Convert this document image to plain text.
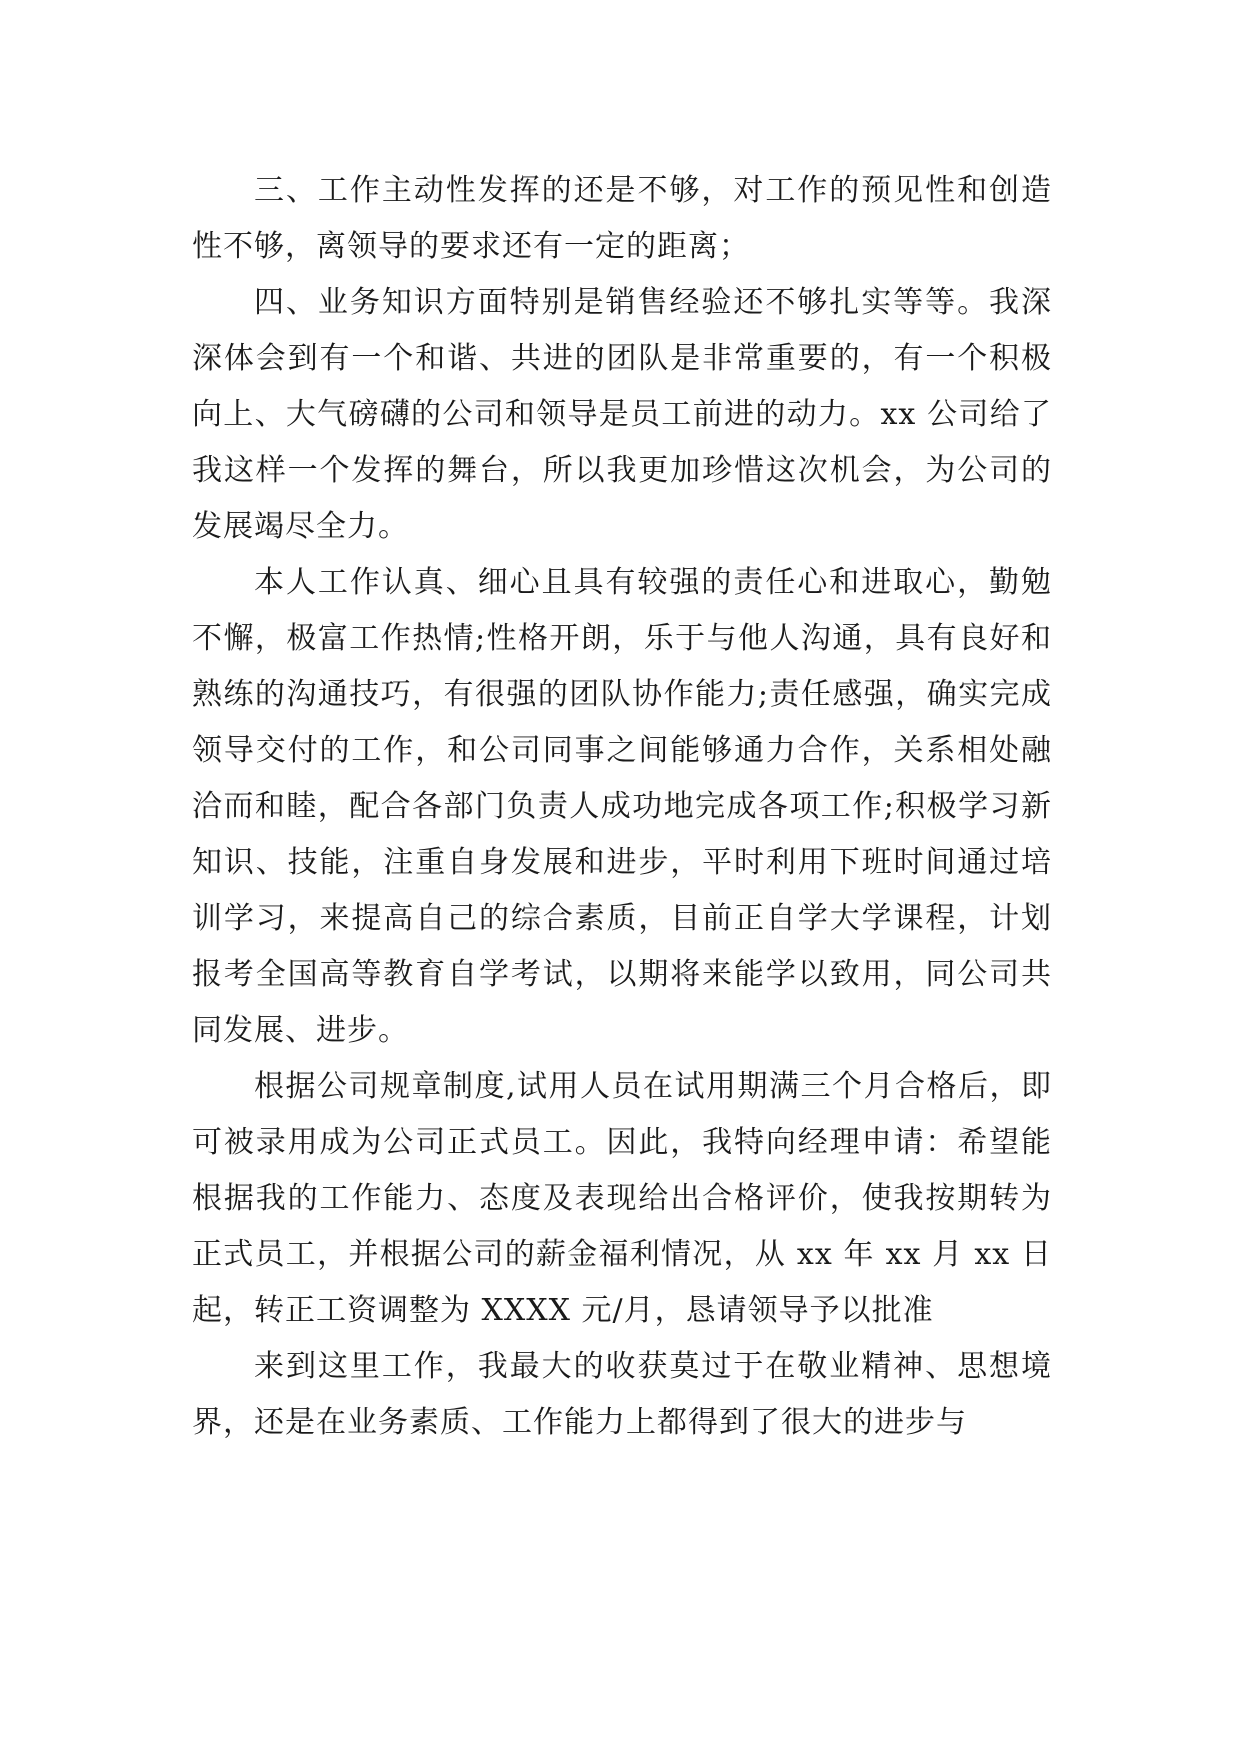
三、工作主动性发挥的还是不够，对工作的预见性和创造性不够，离领导的要求还有一定的距离；

四、业务知识方面特别是销售经验还不够扎实等等。我深深体会到有一个和谐、共进的团队是非常重要的，有一个积极向上、大气磅礴的公司和领导是员工前进的动力。xx 公司给了我这样一个发挥的舞台，所以我更加珍惜这次机会，为公司的发展竭尽全力。

本人工作认真、细心且具有较强的责任心和进取心，勤勉不懈，极富工作热情;性格开朗，乐于与他人沟通，具有良好和熟练的沟通技巧，有很强的团队协作能力;责任感强，确实完成领导交付的工作，和公司同事之间能够通力合作，关系相处融洽而和睦，配合各部门负责人成功地完成各项工作;积极学习新知识、技能，注重自身发展和进步，平时利用下班时间通过培训学习，来提高自己的综合素质，目前正自学大学课程，计划报考全国高等教育自学考试，以期将来能学以致用，同公司共同发展、进步。

根据公司规章制度,试用人员在试用期满三个月合格后，即可被录用成为公司正式员工。因此，我特向经理申请：希望能根据我的工作能力、态度及表现给出合格评价，使我按期转为正式员工，并根据公司的薪金福利情况，从 xx 年 xx 月 xx 日起，转正工资调整为 XXXX 元/月，恳请领导予以批准

来到这里工作，我最大的收获莫过于在敬业精神、思想境界，还是在业务素质、工作能力上都得到了很大的进步与
